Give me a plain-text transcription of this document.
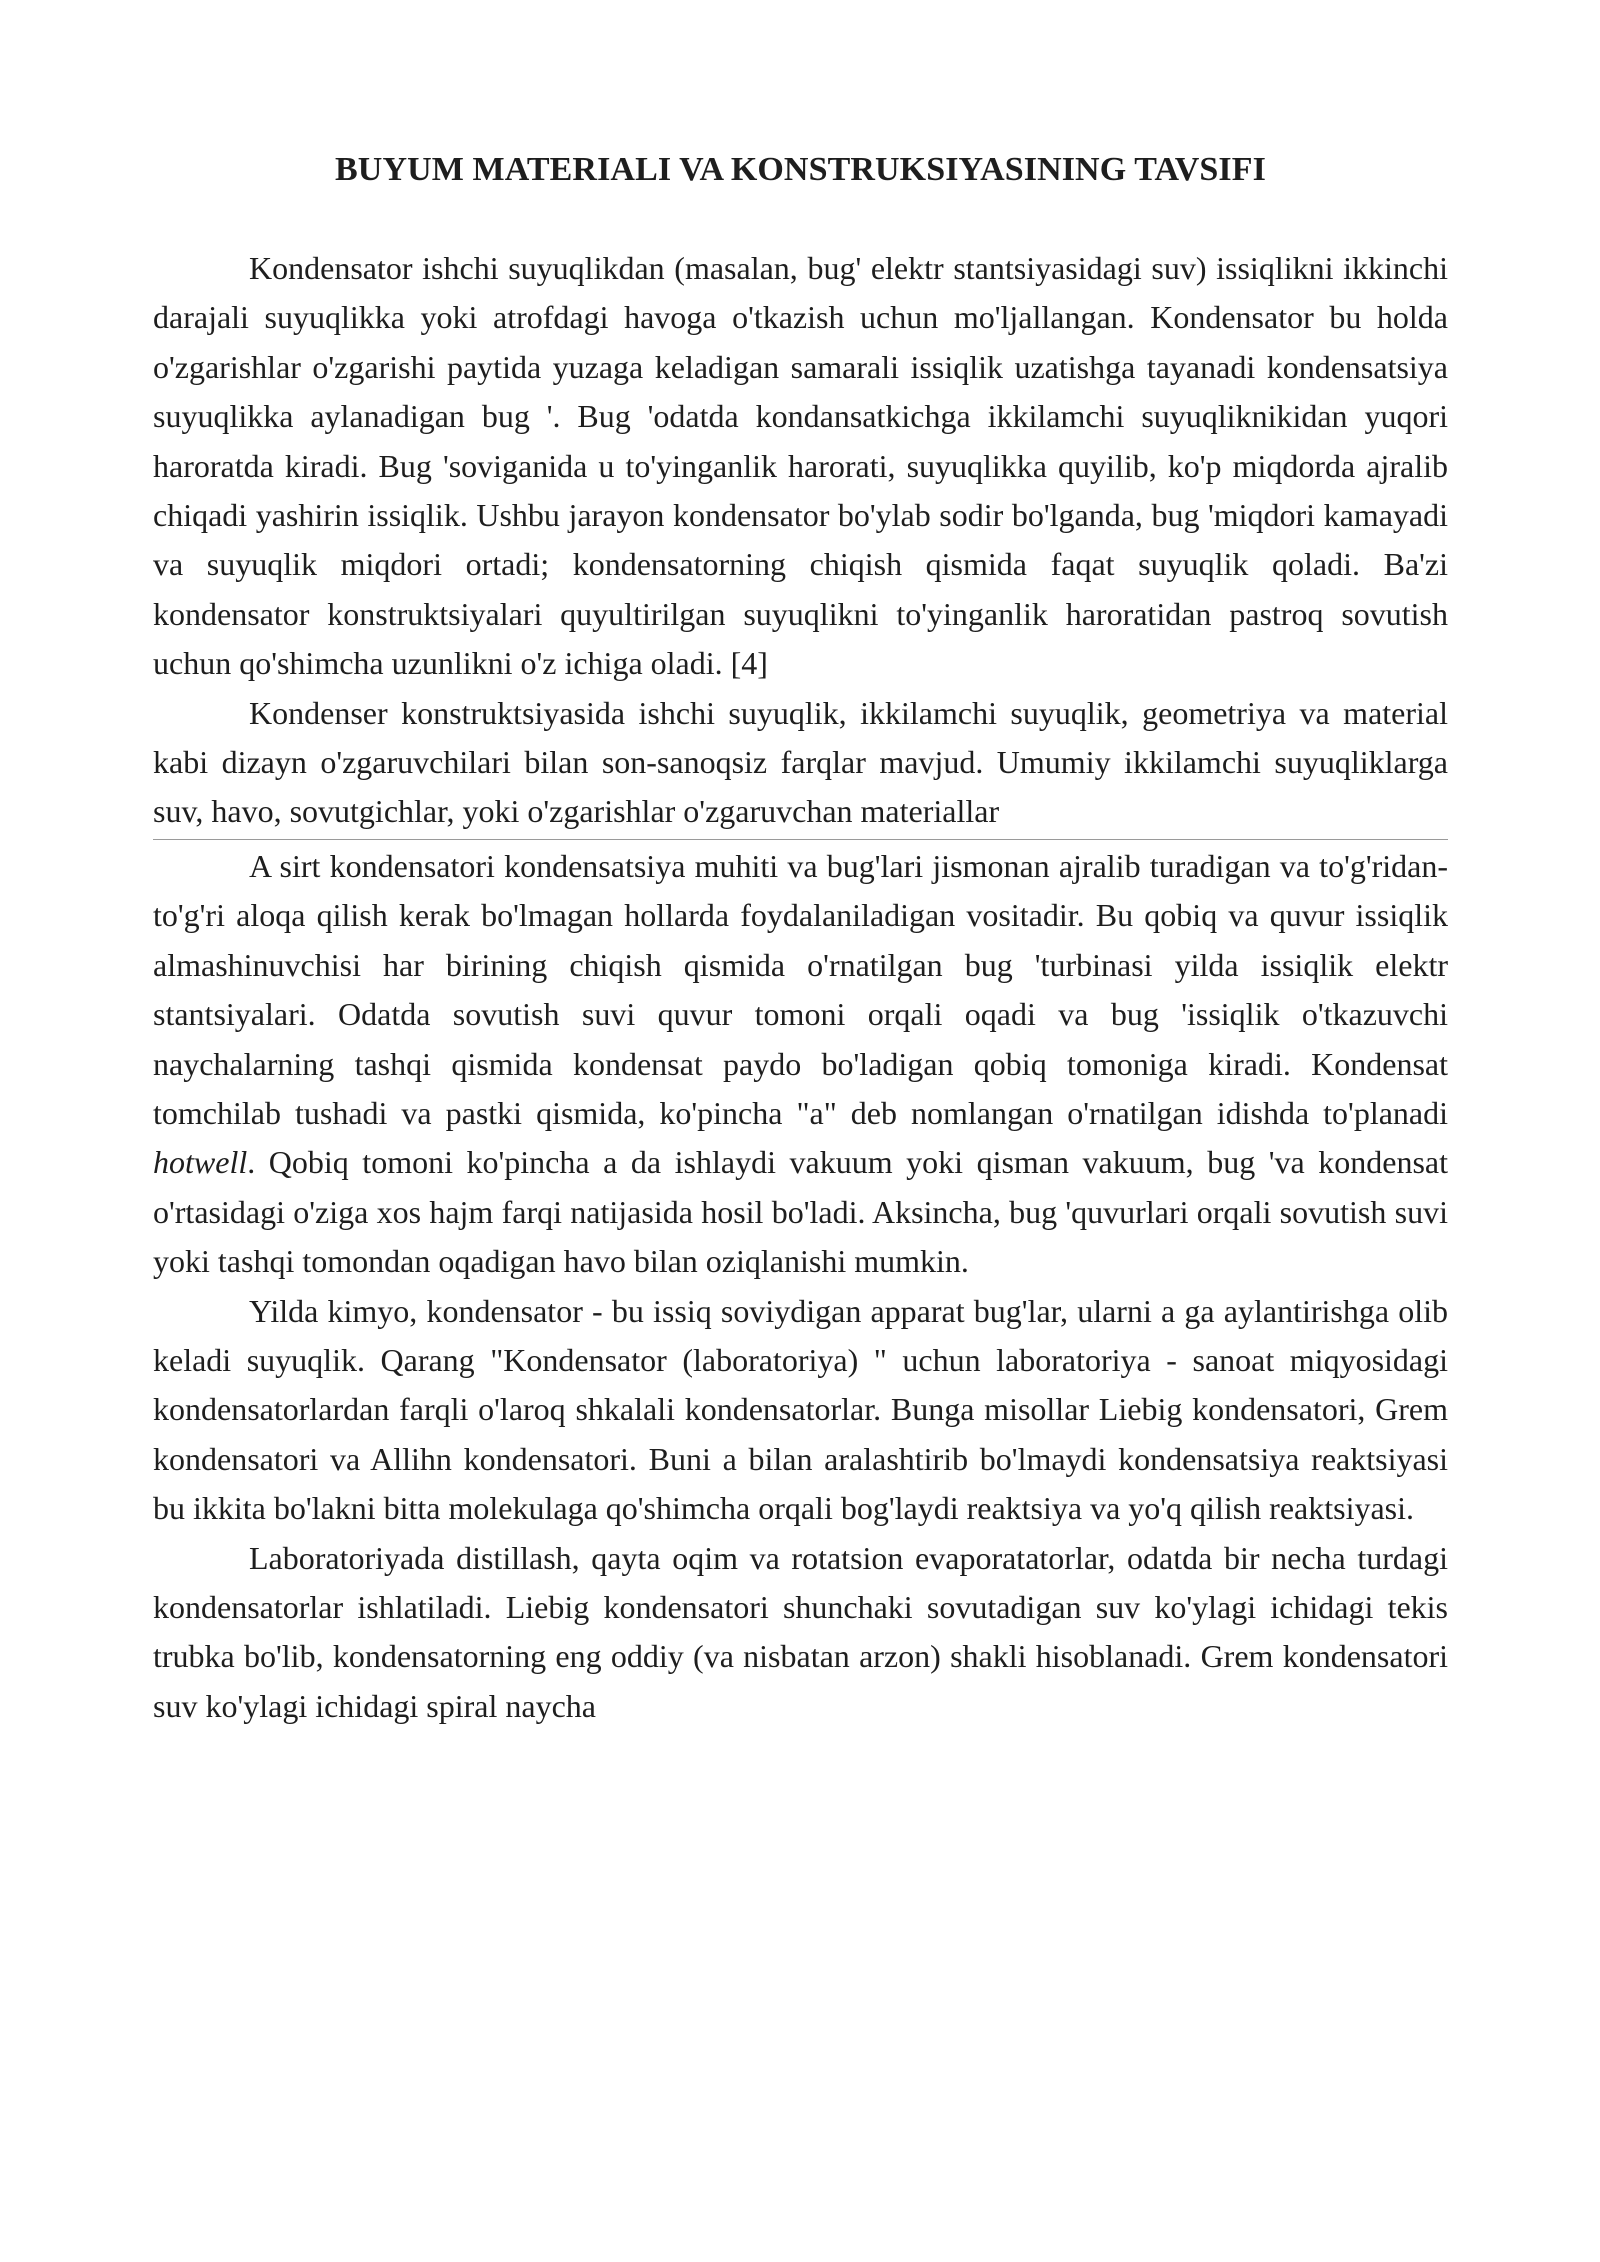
BUYUM MATERIALI VA KONSTRUKSIYASINING TAVSIFI

Kondensator ishchi suyuqlikdan (masalan, bug' elektr stantsiyasidagi suv) issiqlikni ikkinchi darajali suyuqlikka yoki atrofdagi havoga o'tkazish uchun mo'ljallangan. Kondensator bu holda o'zgarishlar o'zgarishi paytida yuzaga keladigan samarali issiqlik uzatishga tayanadi kondensatsiya suyuqlikka aylanadigan bug '. Bug 'odatda kondansatkichga ikkilamchi suyuqliknikidan yuqori haroratda kiradi. Bug 'soviganida u to'yinganlik harorati, suyuqlikka quyilib, ko'p miqdorda ajralib chiqadi yashirin issiqlik. Ushbu jarayon kondensator bo'ylab sodir bo'lganda, bug 'miqdori kamayadi va suyuqlik miqdori ortadi; kondensatorning chiqish qismida faqat suyuqlik qoladi. Ba'zi kondensator konstruktsiyalari quyultirilgan suyuqlikni to'yinganlik haroratidan pastroq sovutish uchun qo'shimcha uzunlikni o'z ichiga oladi. [4]

Kondenser konstruktsiyasida ishchi suyuqlik, ikkilamchi suyuqlik, geometriya va material kabi dizayn o'zgaruvchilari bilan son-sanoqsiz farqlar mavjud. Umumiy ikkilamchi suyuqliklarga suv, havo, sovutgichlar, yoki o'zgarishlar o'zgaruvchan materiallar

A sirt kondensatori kondensatsiya muhiti va bug'lari jismonan ajralib turadigan va to'g'ridan-to'g'ri aloqa qilish kerak bo'lmagan hollarda foydalaniladigan vositadir. Bu qobiq va quvur issiqlik almashinuvchisi har birining chiqish qismida o'rnatilgan bug 'turbinasi yilda issiqlik elektr stantsiyalari. Odatda sovutish suvi quvur tomoni orqali oqadi va bug 'issiqlik o'tkazuvchi naychalarning tashqi qismida kondensat paydo bo'ladigan qobiq tomoniga kiradi. Kondensat tomchilab tushadi va pastki qismida, ko'pincha "a" deb nomlangan o'rnatilgan idishda to'planadi hotwell. Qobiq tomoni ko'pincha a da ishlaydi vakuum yoki qisman vakuum, bug 'va kondensat o'rtasidagi o'ziga xos hajm farqi natijasida hosil bo'ladi. Aksincha, bug 'quvurlari orqali sovutish suvi yoki tashqi tomondan oqadigan havo bilan oziqlanishi mumkin.

Yilda kimyo, kondensator - bu issiq soviydigan apparat bug'lar, ularni a ga aylantirishga olib keladi suyuqlik. Qarang "Kondensator (laboratoriya) " uchun laboratoriya - sanoat miqyosidagi kondensatorlardan farqli o'laroq shkalali kondensatorlar. Bunga misollar Liebig kondensatori, Grem kondensatori va Allihn kondensatori. Buni a bilan aralashtirib bo'lmaydi kondensatsiya reaktsiyasi bu ikkita bo'lakni bitta molekulaga qo'shimcha orqali bog'laydi reaktsiya va yo'q qilish reaktsiyasi.

Laboratoriyada distillash, qayta oqim va rotatsion evaporatatorlar, odatda bir necha turdagi kondensatorlar ishlatiladi. Liebig kondensatori shunchaki sovutadigan suv ko'ylagi ichidagi tekis trubka bo'lib, kondensatorning eng oddiy (va nisbatan arzon) shakli hisoblanadi. Grem kondensatori suv ko'ylagi ichidagi spiral naycha
